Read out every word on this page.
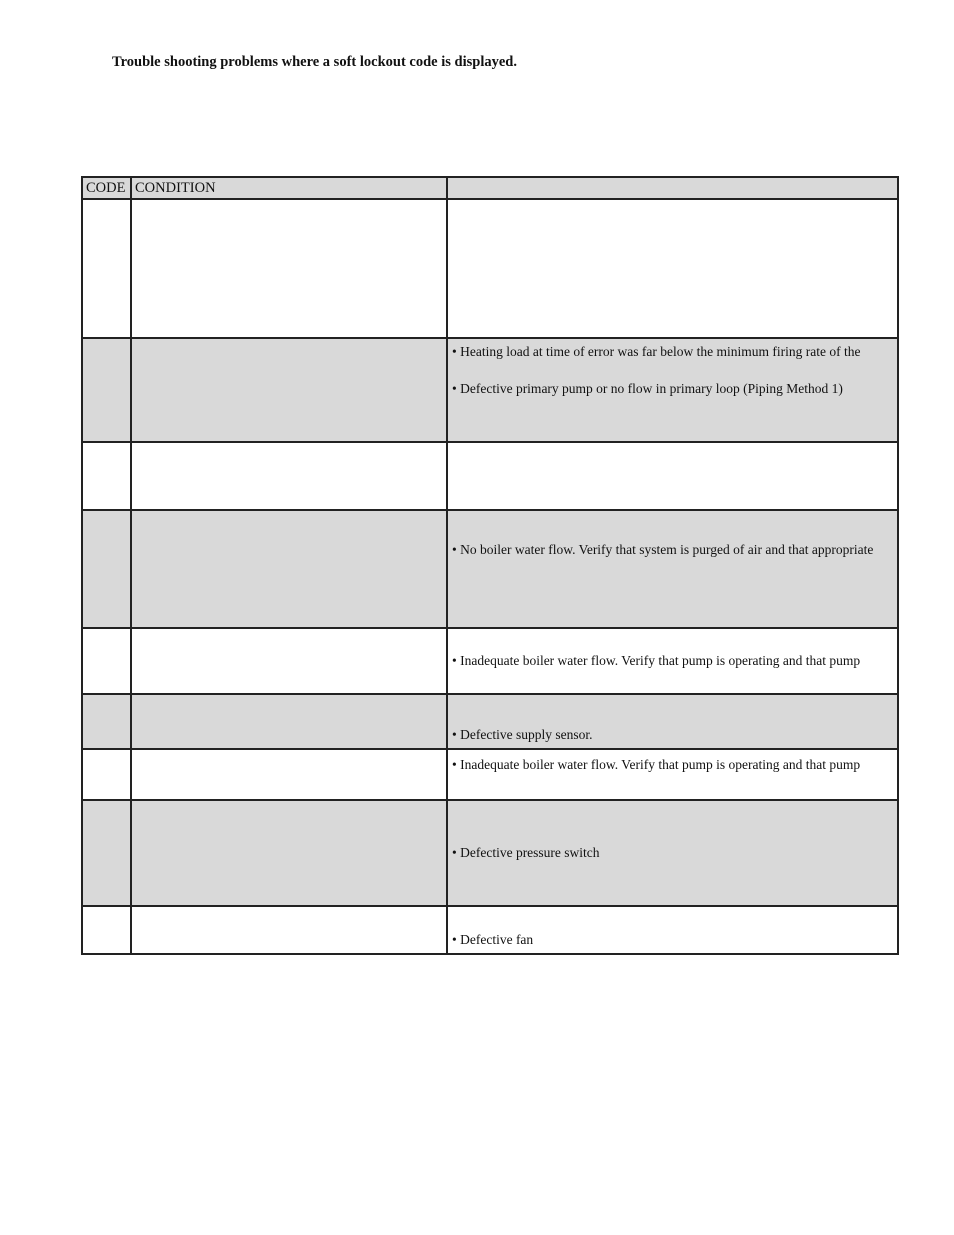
Trouble shooting problems where a soft lockout code is displayed.
CODE	CONDITION	

		• Heating load at time of error was far below the minimum firing rate of the
• Defective primary pump or no flow in primary loop (Piping Method 1)

		• No boiler water flow. Verify that system is purged of air and that appropriate

		• Inadequate boiler water flow. Verify that pump is operating and that pump

		• Defective supply sensor.

		• Inadequate boiler water flow. Verify that pump is operating and that pump

		• Defective pressure switch

		• Defective fan
